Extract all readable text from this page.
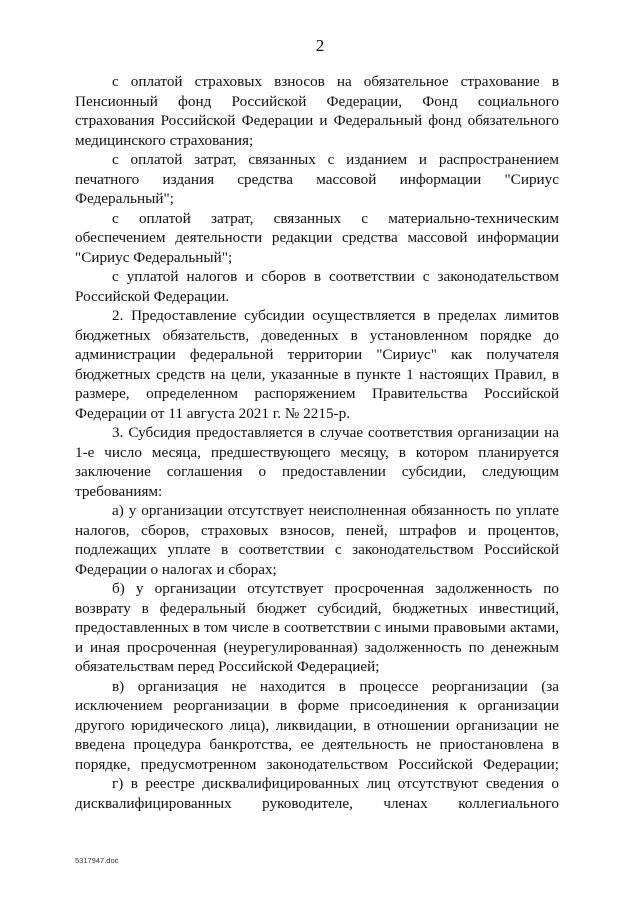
2

с оплатой страховых взносов на обязательное страхование в Пенсионный фонд Российской Федерации, Фонд социального страхования Российской Федерации и Федеральный фонд обязательного медицинского страхования;

с оплатой затрат, связанных с изданием и распространением печатного издания средства массовой информации "Сириус Федеральный";

с оплатой затрат, связанных с материально-техническим обеспечением деятельности редакции средства массовой информации "Сириус Федеральный";

с уплатой налогов и сборов в соответствии с законодательством Российской Федерации.

2. Предоставление субсидии осуществляется в пределах лимитов бюджетных обязательств, доведенных в установленном порядке до администрации федеральной территории "Сириус" как получателя бюджетных средств на цели, указанные в пункте 1 настоящих Правил, в размере, определенном распоряжением Правительства Российской Федерации от 11 августа 2021 г. № 2215-р.

3. Субсидия предоставляется в случае соответствия организации на 1-е число месяца, предшествующего месяцу, в котором планируется заключение соглашения о предоставлении субсидии, следующим требованиям:

а) у организации отсутствует неисполненная обязанность по уплате налогов, сборов, страховых взносов, пеней, штрафов и процентов, подлежащих уплате в соответствии с законодательством Российской Федерации о налогах и сборах;

б) у организации отсутствует просроченная задолженность по возврату в федеральный бюджет субсидий, бюджетных инвестиций, предоставленных в том числе в соответствии с иными правовыми актами, и иная просроченная (неурегулированная) задолженность по денежным обязательствам перед Российской Федерацией;

в) организация не находится в процессе реорганизации (за исключением реорганизации в форме присоединения к организации другого юридического лица), ликвидации, в отношении организации не введена процедура банкротства, ее деятельность не приостановлена в порядке, предусмотренном законодательством Российской Федерации;

г) в реестре дисквалифицированных лиц отсутствуют сведения о дисквалифицированных руководителе, членах коллегиального

5317947.doc
